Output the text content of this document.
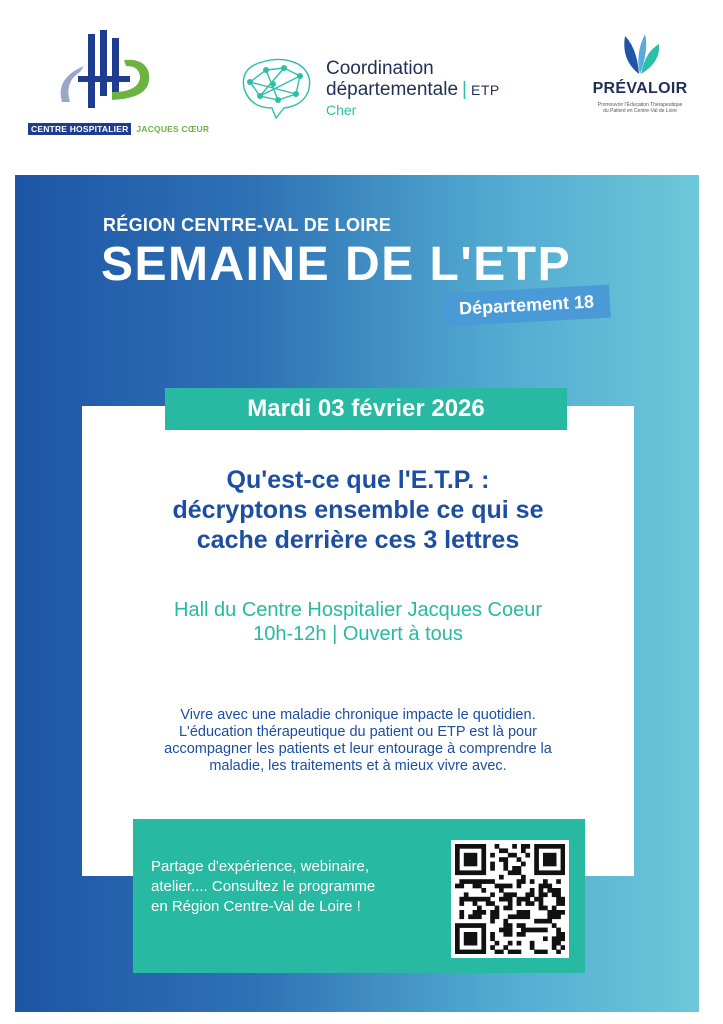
CENTRE HOSPITALIER JACQUES CŒUR
Coordination
départementale | ETP
Cher
PRÉVALOIR
Promouvoir l'Éducation Thérapeutique du Patient en Centre-Val de Loire
RÉGION CENTRE-VAL DE LOIRE
SEMAINE DE L'ETP
Département 18
Mardi 03 février 2026
Qu'est-ce que l'E.T.P. :
décryptons ensemble ce qui se
cache derrière ces 3 lettres
Hall du Centre Hospitalier Jacques Coeur
10h-12h | Ouvert à tous
Vivre avec une maladie chronique impacte le quotidien.
L'éducation thérapeutique du patient ou ETP est là pour
accompagner les patients et leur entourage à comprendre la
maladie, les traitements et à mieux vivre avec.
Partage d'expérience, webinaire,
atelier.... Consultez le programme
en Région Centre-Val de Loire !
